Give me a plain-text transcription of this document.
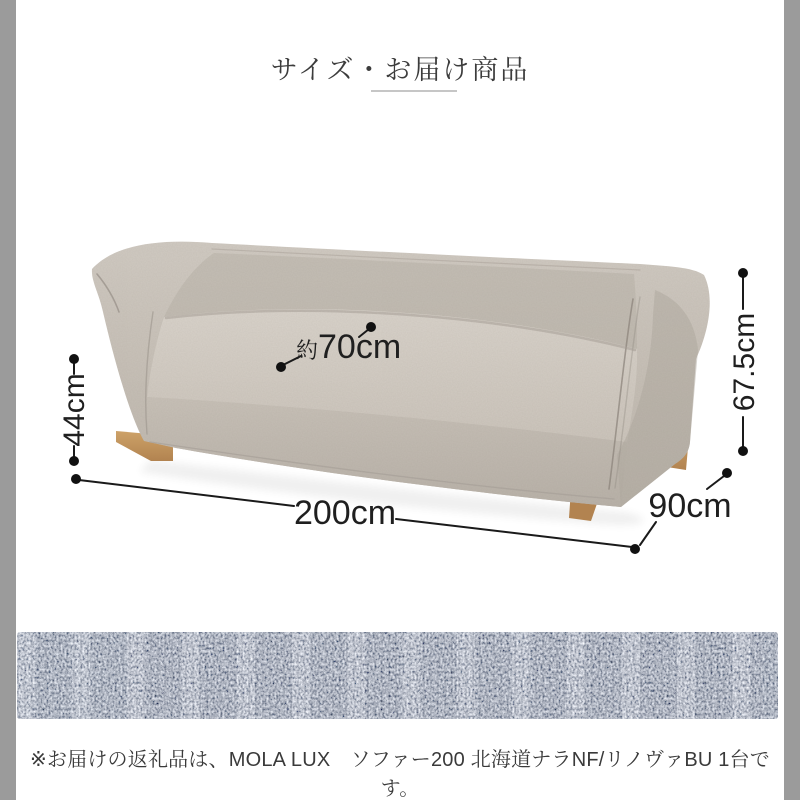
サイズ・お届け商品
約70cm
44cm	67.5cm
200cm	90cm

※お届けの返礼品は、MOLA LUX　ソファー200 北海道ナラNF/リノヴァBU 1台です。
